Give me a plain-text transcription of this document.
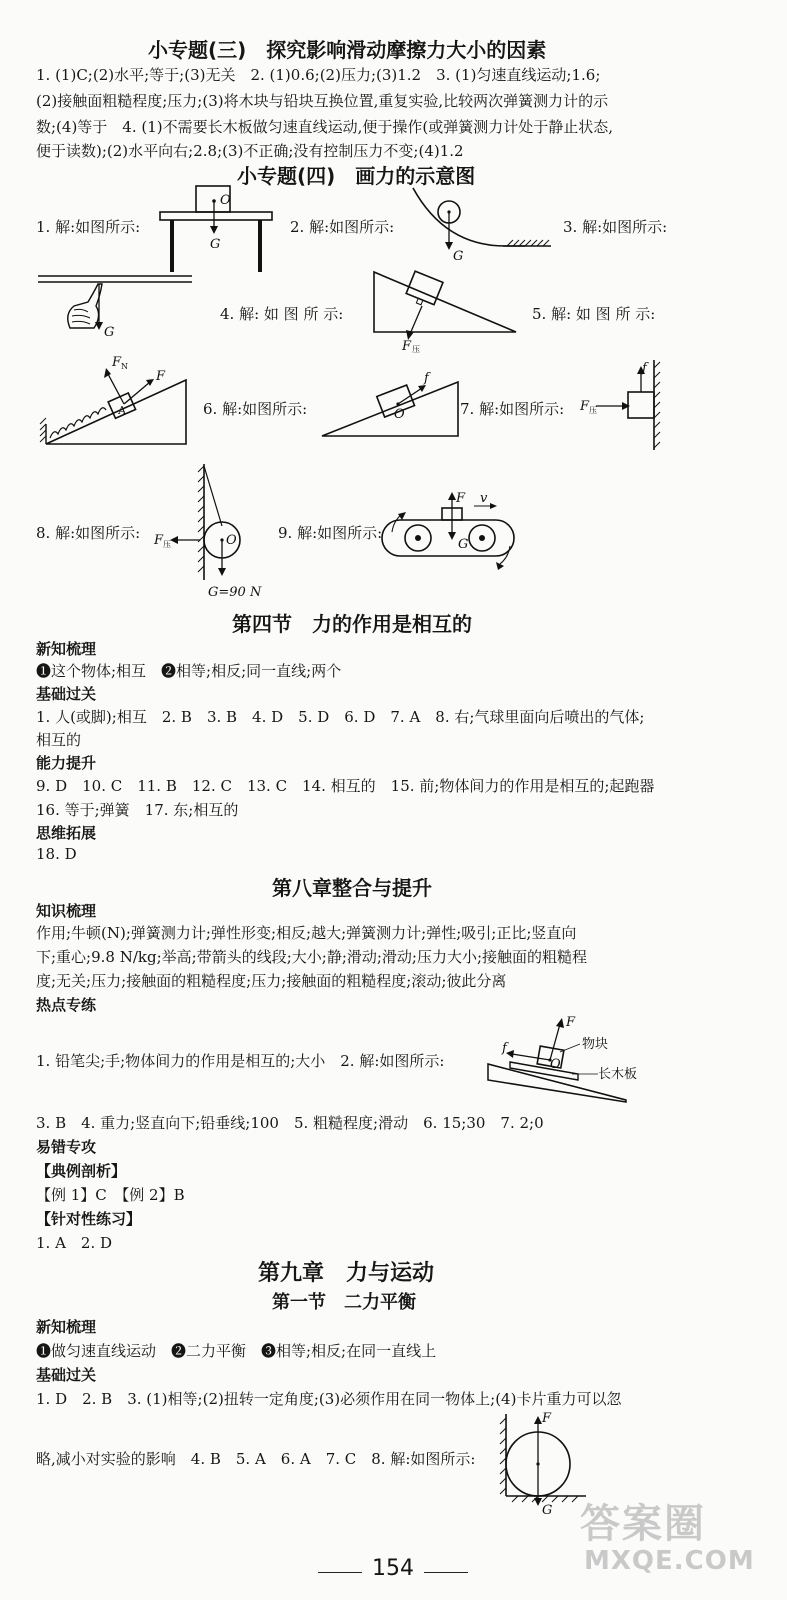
小专题(三)　探究影响滑动摩擦力大小的因素
1. (1)C;(2)水平;等于;(3)无关　2. (1)0.6;(2)压力;(3)1.2　3. (1)匀速直线运动;1.6;
(2)接触面粗糙程度;压力;(3)将木块与铅块互换位置,重复实验,比较两次弹簧测力计的示
数;(4)等于　4. (1)不需要长木板做匀速直线运动,便于操作(或弹簧测力计处于静止状态,
便于读数);(2)水平向右;2.8;(3)不正确;没有控制压力不变;(4)1.2
小专题(四)　画力的示意图
1. 解:如图所示:
O
G
2. 解:如图所示:
G
3. 解:如图所示:
G
4. 解: 如 图 所 示:
F 压
5. 解: 如 图 所 示:
A
F
F N
6. 解:如图所示:
f
O	7. 解:如图所示: F 压
f
8. 解:如图所示: F 压	O
G=90 N
9. 解:如图所示:
F
G
v
第四节　力的作用是相互的
新知梳理
❶这个物体;相互　❷相等;相反;同一直线;两个
基础过关
1. 人(或脚);相互　2. B　3. B　4. D　5. D　6. D　7. A　8. 右;气球里面向后喷出的气体;
相互的
能力提升
9. D　10. C　11. B　12. C　13. C　14. 相互的　15. 前;物体间力的作用是相互的;起跑器
16. 等于;弹簧　17. 东;相互的
思维拓展
18. D
第八章整合与提升
知识梳理
作用;牛顿(N);弹簧测力计;弹性形变;相反;越大;弹簧测力计;弹性;吸引;正比;竖直向
下;重心;9.8 N/kg;举高;带箭头的线段;大小;静;滑动;滑动;压力大小;接触面的粗糙程
度;无关;压力;接触面的粗糙程度;压力;接触面的粗糙程度;滚动;彼此分离
热点专练
1. 铅笔尖;手;物体间力的作用是相互的;大小　2. 解:如图所示:
F
f
O
物块
长木板
3. B　4. 重力;竖直向下;铅垂线;100　5. 粗糙程度;滑动　6. 15;30　7. 2;0
易错专攻
【典例剖析】
【例 1】C　【例 2】B
【针对性练习】
1. A　2. D
第九章　力与运动
第一节　二力平衡
新知梳理
❶做匀速直线运动　❷二力平衡　❸相等;相反;在同一直线上
基础过关
1. D　2. B　3. (1)相等;(2)扭转一定角度;(3)必须作用在同一物体上;(4)卡片重力可以忽
略,减小对实验的影响　4. B　5. A　6. A　7. C　8. 解:如图所示:
F
G 答案圈
MXQE.COM
154
